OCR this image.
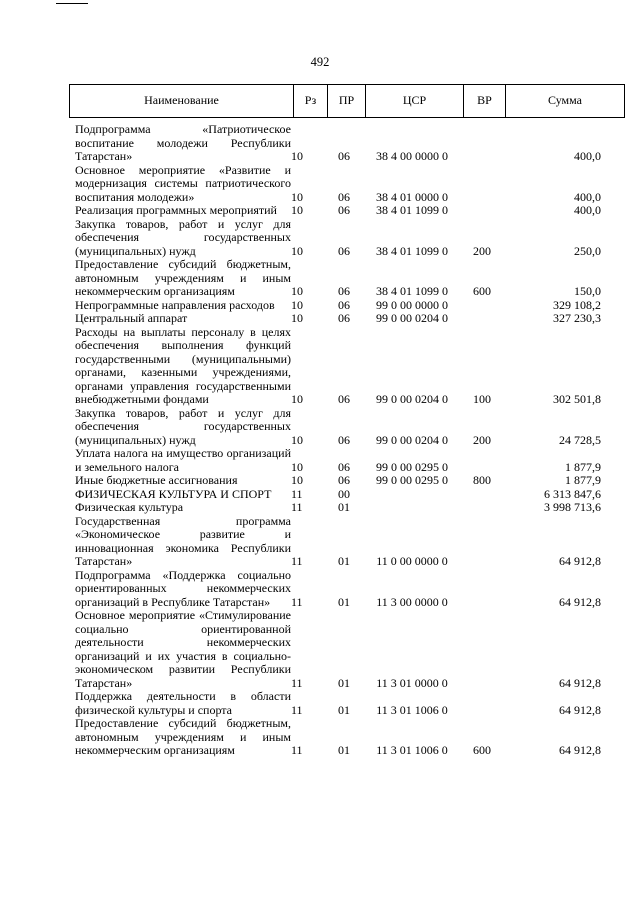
492
Наименование	Рз	ПР	ЦСР	ВР	Сумма
Подпрограмма «Патриотическое воспитание молодежи Республики Татарстан»	10	06	38 4 00 0000 0		400,0
Основное мероприятие «Развитие и модернизация системы патриотического воспитания молодежи»	10	06	38 4 01 0000 0		400,0
Реализация программных мероприятий	10	06	38 4 01 1099 0		400,0
Закупка товаров, работ и услуг для обеспечения государственных (муниципальных) нужд	10	06	38 4 01 1099 0	200	250,0
Предоставление субсидий бюджетным, автономным учреждениям и иным некоммерческим организациям	10	06	38 4 01 1099 0	600	150,0
Непрограммные направления расходов	10	06	99 0 00 0000 0		329 108,2
Центральный аппарат	10	06	99 0 00 0204 0		327 230,3
Расходы на выплаты персоналу в целях обеспечения выполнения функций государственными (муниципальными) органами, казенными учреждениями, органами управления государственными внебюджетными фондами	10	06	99 0 00 0204 0	100	302 501,8
Закупка товаров, работ и услуг для обеспечения государственных (муниципальных) нужд	10	06	99 0 00 0204 0	200	24 728,5
Уплата налога на имущество организаций и земельного налога	10	06	99 0 00 0295 0		1 877,9
Иные бюджетные ассигнования	10	06	99 0 00 0295 0	800	1 877,9
ФИЗИЧЕСКАЯ КУЛЬТУРА И СПОРТ	11	00			6 313 847,6
Физическая культура	11	01			3 998 713,6
Государственная программа «Экономическое развитие и инновационная экономика Республики Татарстан»	11	01	11 0 00 0000 0		64 912,8
Подпрограмма «Поддержка социально ориентированных некоммерческих организаций в Республике Татарстан»	11	01	11 3 00 0000 0		64 912,8
Основное мероприятие «Стимулирование социально ориентированной деятельности некоммерческих организаций и их участия в социально-экономическом развитии Республики Татарстан»	11	01	11 3 01 0000 0		64 912,8
Поддержка деятельности в области физической культуры и спорта	11	01	11 3 01 1006 0		64 912,8
Предоставление субсидий бюджетным, автономным учреждениям и иным некоммерческим организациям	11	01	11 3 01 1006 0	600	64 912,8
